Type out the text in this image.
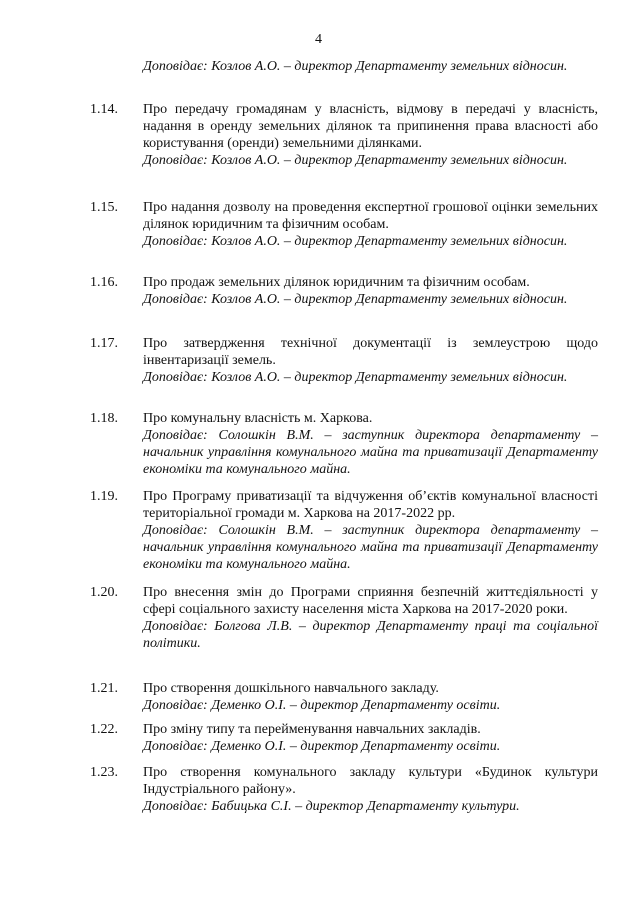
4
Доповідає: Козлов А.О. – директор Департаменту земельних відносин.
1.14. Про передачу громадянам у власність, відмову в передачі у власність, надання в оренду земельних ділянок та припинення права власності або користування (оренди) земельними ділянками.
Доповідає: Козлов А.О. – директор Департаменту земельних відносин.
1.15. Про надання дозволу на проведення експертної грошової оцінки земельних ділянок юридичним та фізичним особам.
Доповідає: Козлов А.О. – директор Департаменту земельних відносин.
1.16. Про продаж земельних ділянок юридичним та фізичним особам.
Доповідає: Козлов А.О. – директор Департаменту земельних відносин.
1.17. Про затвердження технічної документації із землеустрою щодо інвентаризації земель.
Доповідає: Козлов А.О. – директор Департаменту земельних відносин.
1.18. Про комунальну власність м. Харкова.
Доповідає: Солошкін В.М. – заступник директора департаменту – начальник управління комунального майна та приватизації Департаменту економіки та комунального майна.
1.19. Про Програму приватизації та відчуження об’єктів комунальної власності територіальної громади м. Харкова на 2017-2022 рр.
Доповідає: Солошкін В.М. – заступник директора департаменту – начальник управління комунального майна та приватизації Департаменту економіки та комунального майна.
1.20. Про внесення змін до Програми сприяння безпечній життєдіяльності у сфері соціального захисту населення міста Харкова на 2017-2020 роки.
Доповідає: Болгова Л.В. – директор Департаменту праці та соціальної політики.
1.21. Про створення дошкільного навчального закладу.
Доповідає: Деменко О.І. – директор Департаменту освіти.
1.22. Про зміну типу та перейменування навчальних закладів.
Доповідає: Деменко О.І. – директор Департаменту освіти.
1.23. Про створення комунального закладу культури «Будинок культури Індустріального району».
Доповідає: Бабицька С.І. – директор Департаменту культури.
